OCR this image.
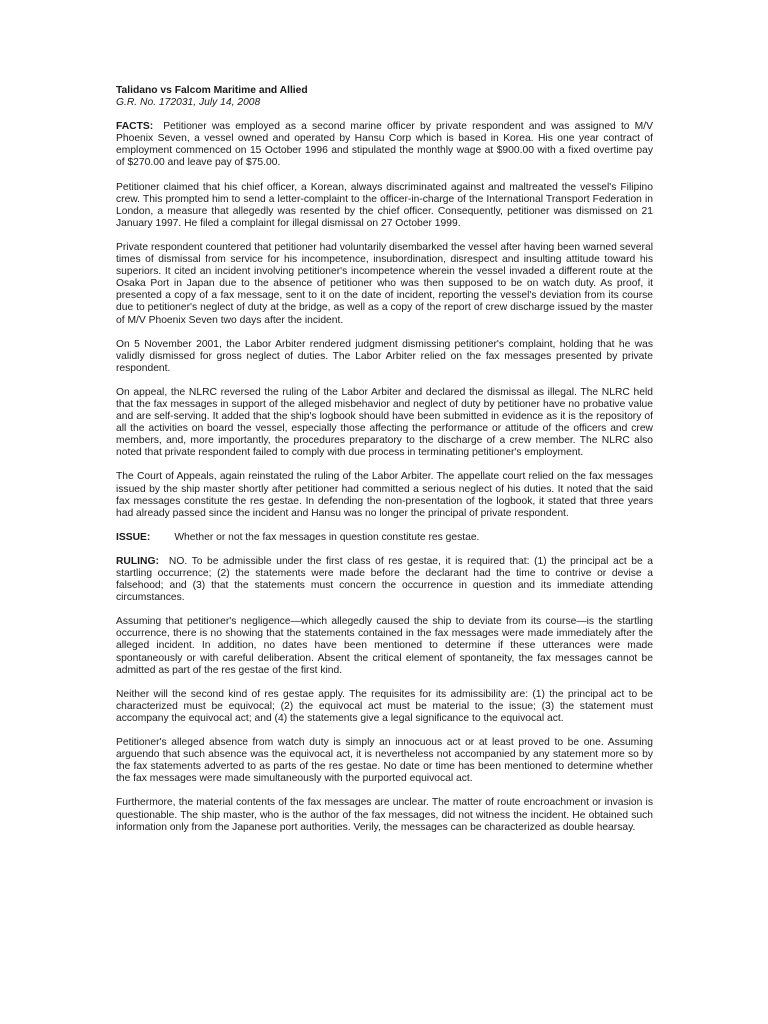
Talidano vs Falcom Maritime and Allied
G.R. No. 172031, July 14, 2008

FACTS: Petitioner was employed as a second marine officer by private respondent and was assigned to M/V Phoenix Seven, a vessel owned and operated by Hansu Corp which is based in Korea. His one year contract of employment commenced on 15 October 1996 and stipulated the monthly wage at $900.00 with a fixed overtime pay of $270.00 and leave pay of $75.00.

Petitioner claimed that his chief officer, a Korean, always discriminated against and maltreated the vessel's Filipino crew. This prompted him to send a letter-complaint to the officer-in-charge of the International Transport Federation in London, a measure that allegedly was resented by the chief officer. Consequently, petitioner was dismissed on 21 January 1997. He filed a complaint for illegal dismissal on 27 October 1999.

Private respondent countered that petitioner had voluntarily disembarked the vessel after having been warned several times of dismissal from service for his incompetence, insubordination, disrespect and insulting attitude toward his superiors. It cited an incident involving petitioner's incompetence wherein the vessel invaded a different route at the Osaka Port in Japan due to the absence of petitioner who was then supposed to be on watch duty. As proof, it presented a copy of a fax message, sent to it on the date of incident, reporting the vessel's deviation from its course due to petitioner's neglect of duty at the bridge, as well as a copy of the report of crew discharge issued by the master of M/V Phoenix Seven two days after the incident.

On 5 November 2001, the Labor Arbiter rendered judgment dismissing petitioner's complaint, holding that he was validly dismissed for gross neglect of duties. The Labor Arbiter relied on the fax messages presented by private respondent.

On appeal, the NLRC reversed the ruling of the Labor Arbiter and declared the dismissal as illegal. The NLRC held that the fax messages in support of the alleged misbehavior and neglect of duty by petitioner have no probative value and are self-serving. It added that the ship's logbook should have been submitted in evidence as it is the repository of all the activities on board the vessel, especially those affecting the performance or attitude of the officers and crew members, and, more importantly, the procedures preparatory to the discharge of a crew member. The NLRC also noted that private respondent failed to comply with due process in terminating petitioner's employment.

The Court of Appeals, again reinstated the ruling of the Labor Arbiter. The appellate court relied on the fax messages issued by the ship master shortly after petitioner had committed a serious neglect of his duties. It noted that the said fax messages constitute the res gestae. In defending the non-presentation of the logbook, it stated that three years had already passed since the incident and Hansu was no longer the principal of private respondent.

ISSUE: Whether or not the fax messages in question constitute res gestae.

RULING: NO. To be admissible under the first class of res gestae, it is required that: (1) the principal act be a startling occurrence; (2) the statements were made before the declarant had the time to contrive or devise a falsehood; and (3) that the statements must concern the occurrence in question and its immediate attending circumstances.

Assuming that petitioner's negligence—which allegedly caused the ship to deviate from its course—is the startling occurrence, there is no showing that the statements contained in the fax messages were made immediately after the alleged incident. In addition, no dates have been mentioned to determine if these utterances were made spontaneously or with careful deliberation. Absent the critical element of spontaneity, the fax messages cannot be admitted as part of the res gestae of the first kind.

Neither will the second kind of res gestae apply. The requisites for its admissibility are: (1) the principal act to be characterized must be equivocal; (2) the equivocal act must be material to the issue; (3) the statement must accompany the equivocal act; and (4) the statements give a legal significance to the equivocal act.

Petitioner's alleged absence from watch duty is simply an innocuous act or at least proved to be one. Assuming arguendo that such absence was the equivocal act, it is nevertheless not accompanied by any statement more so by the fax statements adverted to as parts of the res gestae. No date or time has been mentioned to determine whether the fax messages were made simultaneously with the purported equivocal act.

Furthermore, the material contents of the fax messages are unclear. The matter of route encroachment or invasion is questionable. The ship master, who is the author of the fax messages, did not witness the incident. He obtained such information only from the Japanese port authorities. Verily, the messages can be characterized as double hearsay.
